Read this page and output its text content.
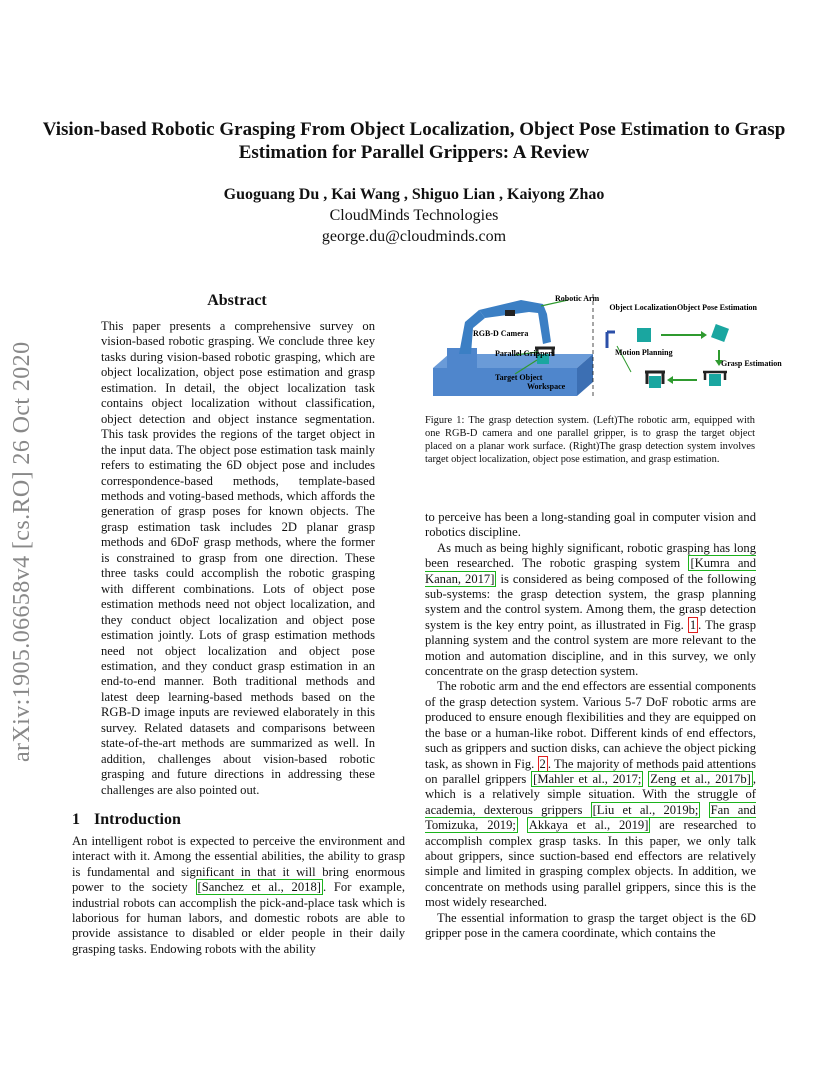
Vision-based Robotic Grasping From Object Localization, Object Pose Estimation to Grasp Estimation for Parallel Grippers: A Review
Guoguang Du , Kai Wang , Shiguo Lian , Kaiyong Zhao
CloudMinds Technologies
george.du@cloudminds.com
arXiv:1905.06658v4 [cs.RO] 26 Oct 2020
Abstract
This paper presents a comprehensive survey on vision-based robotic grasping. We conclude three key tasks during vision-based robotic grasping, which are object localization, object pose estimation and grasp estimation. In detail, the object localization task contains object localization without classification, object detection and object instance segmentation. This task provides the regions of the target object in the input data. The object pose estimation task mainly refers to estimating the 6D object pose and includes correspondence-based methods, template-based methods and voting-based methods, which affords the generation of grasp poses for known objects. The grasp estimation task includes 2D planar grasp methods and 6DoF grasp methods, where the former is constrained to grasp from one direction. These three tasks could accomplish the robotic grasping with different combinations. Lots of object pose estimation methods need not object localization, and they conduct object localization and object pose estimation jointly. Lots of grasp estimation methods need not object localization and object pose estimation, and they conduct grasp estimation in an end-to-end manner. Both traditional methods and latest deep learning-based methods based on the RGB-D image inputs are reviewed elaborately in this survey. Related datasets and comparisons between state-of-the-art methods are summarized as well. In addition, challenges about vision-based robotic grasping and future directions in addressing these challenges are also pointed out.
1 Introduction
An intelligent robot is expected to perceive the environment and interact with it. Among the essential abilities, the ability to grasp is fundamental and significant in that it will bring enormous power to the society [Sanchez et al., 2018] . For example, industrial robots can accomplish the pick-and-place task which is laborious for human labors, and domestic robots are able to provide assistance to disabled or elder people in their daily grasping tasks. Endowing robots with the ability
Robotic Arm
RGB-D Camera
Parallel Grippers
Target Object
Workspace
Object Localization Object Pose Estimation
Grasp Estimation
Motion Planning
Figure 1: The grasp detection system. (Left)The robotic arm, equipped with one RGB-D camera and one parallel gripper, is to grasp the target object placed on a planar work surface. (Right)The grasp detection system involves target object localization, object pose estimation, and grasp estimation.

to perceive has been a long-standing goal in computer vision and robotics discipline.

As much as being highly significant, robotic grasping has long been researched. The robotic grasping system [Kumra and Kanan, 2017] is considered as being composed of the following sub-systems: the grasp detection system, the grasp planning system and the control system. Among them, the grasp detection system is the key entry point, as illustrated in Fig. 1 . The grasp planning system and the control system are more relevant to the motion and automation discipline, and in this survey, we only concentrate on the grasp detection system.

The robotic arm and the end effectors are essential components of the grasp detection system. Various 5-7 DoF robotic arms are produced to ensure enough flexibilities and they are equipped on the base or a human-like robot. Different kinds of end effectors, such as grippers and suction disks, can achieve the object picking task, as shown in Fig. 2 . The majority of methods paid attentions on parallel grippers [Mahler et al., 2017; Zeng et al., 2017b] , which is a relatively simple situation. With the struggle of academia, dexterous grippers [Liu et al., 2019b; Fan and Tomizuka, 2019; Akkaya et al., 2019] are researched to accomplish complex grasp tasks. In this paper, we only talk about grippers, since suction-based end effectors are relatively simple and limited in grasping complex objects. In addition, we concentrate on methods using parallel grippers, since this is the most widely researched.

The essential information to grasp the target object is the 6D gripper pose in the camera coordinate, which contains the
